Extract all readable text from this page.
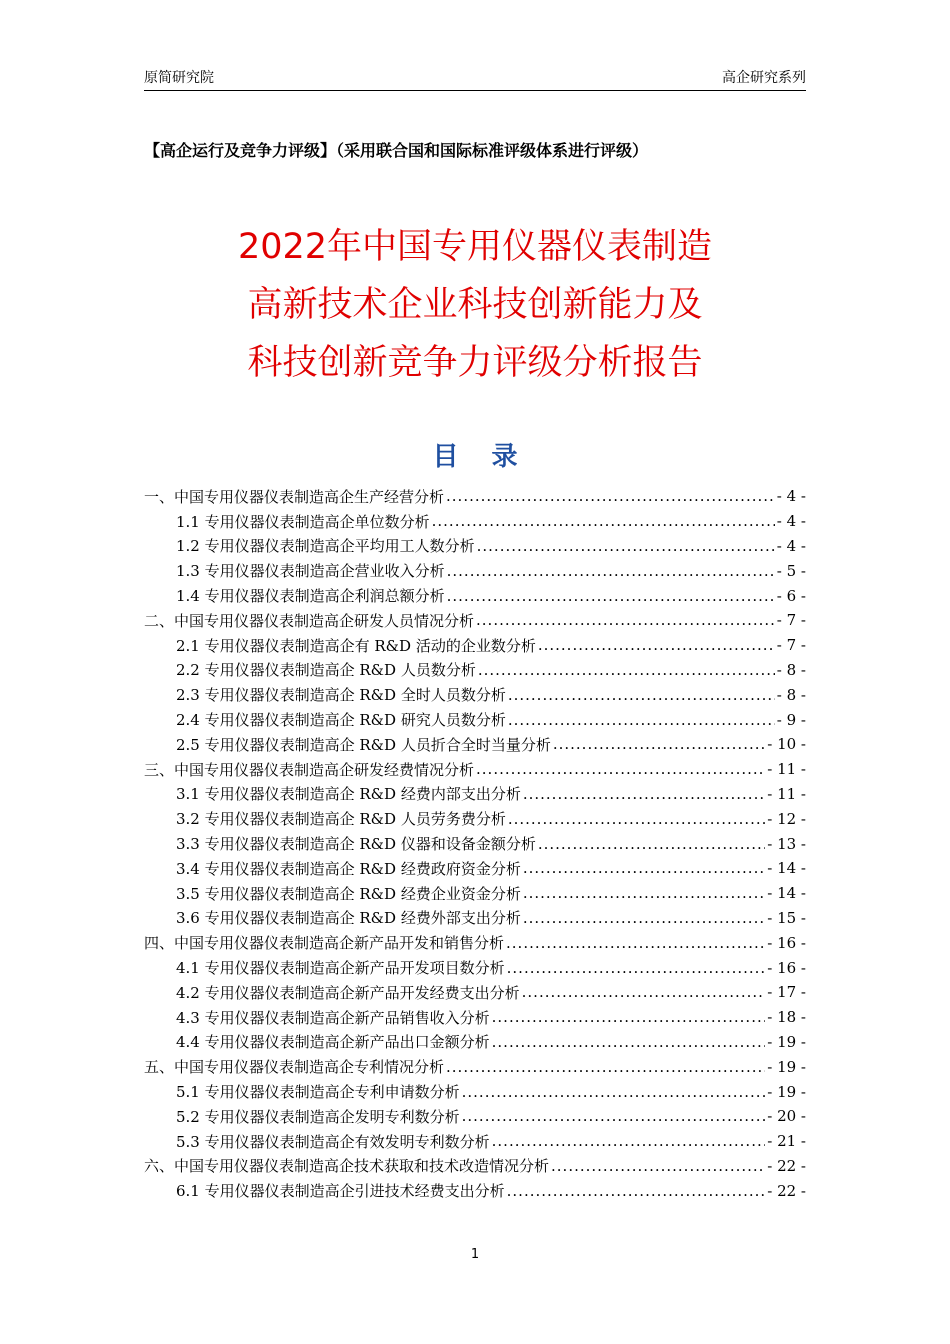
原简研究院	高企研究系列
【高企运行及竞争力评级】（采用联合国和国际标准评级体系进行评级）
2022年中国专用仪器仪表制造
高新技术企业科技创新能力及
科技创新竞争力评级分析报告
目 录
一、中国专用仪器仪表制造高企生产经营分析 .....	- 4 -
1.1 专用仪器仪表制造高企单位数分析 .....	- 4 -
1.2 专用仪器仪表制造高企平均用工人数分析 .....	- 4 -
1.3 专用仪器仪表制造高企营业收入分析 .....	- 5 -
1.4 专用仪器仪表制造高企利润总额分析 .....	- 6 -
二、中国专用仪器仪表制造高企研发人员情况分析 .....	- 7 -
2.1 专用仪器仪表制造高企有 R&D 活动的企业数分析 .....	- 7 -
2.2 专用仪器仪表制造高企 R&D 人员数分析 .....	- 8 -
2.3 专用仪器仪表制造高企 R&D 全时人员数分析 .....	- 8 -
2.4 专用仪器仪表制造高企 R&D 研究人员数分析 .....	- 9 -
2.5 专用仪器仪表制造高企 R&D 人员折合全时当量分析 .....	- 10 -
三、中国专用仪器仪表制造高企研发经费情况分析 .....	- 11 -
3.1 专用仪器仪表制造高企 R&D 经费内部支出分析 .....	- 11 -
3.2 专用仪器仪表制造高企 R&D 人员劳务费分析 .....	- 12 -
3.3 专用仪器仪表制造高企 R&D 仪器和设备金额分析 .....	- 13 -
3.4 专用仪器仪表制造高企 R&D 经费政府资金分析 .....	- 14 -
3.5 专用仪器仪表制造高企 R&D 经费企业资金分析 .....	- 14 -
3.6 专用仪器仪表制造高企 R&D 经费外部支出分析 .....	- 15 -
四、中国专用仪器仪表制造高企新产品开发和销售分析 .....	- 16 -
4.1 专用仪器仪表制造高企新产品开发项目数分析 .....	- 16 -
4.2 专用仪器仪表制造高企新产品开发经费支出分析 .....	- 17 -
4.3 专用仪器仪表制造高企新产品销售收入分析 .....	- 18 -
4.4 专用仪器仪表制造高企新产品出口金额分析 .....	- 19 -
五、中国专用仪器仪表制造高企专利情况分析 .....	- 19 -
5.1 专用仪器仪表制造高企专利申请数分析 .....	- 19 -
5.2 专用仪器仪表制造高企发明专利数分析 .....	- 20 -
5.3 专用仪器仪表制造高企有效发明专利数分析 .....	- 21 -
六、中国专用仪器仪表制造高企技术获取和技术改造情况分析 .....	- 22 -
6.1 专用仪器仪表制造高企引进技术经费支出分析 .....	- 22 -
1
